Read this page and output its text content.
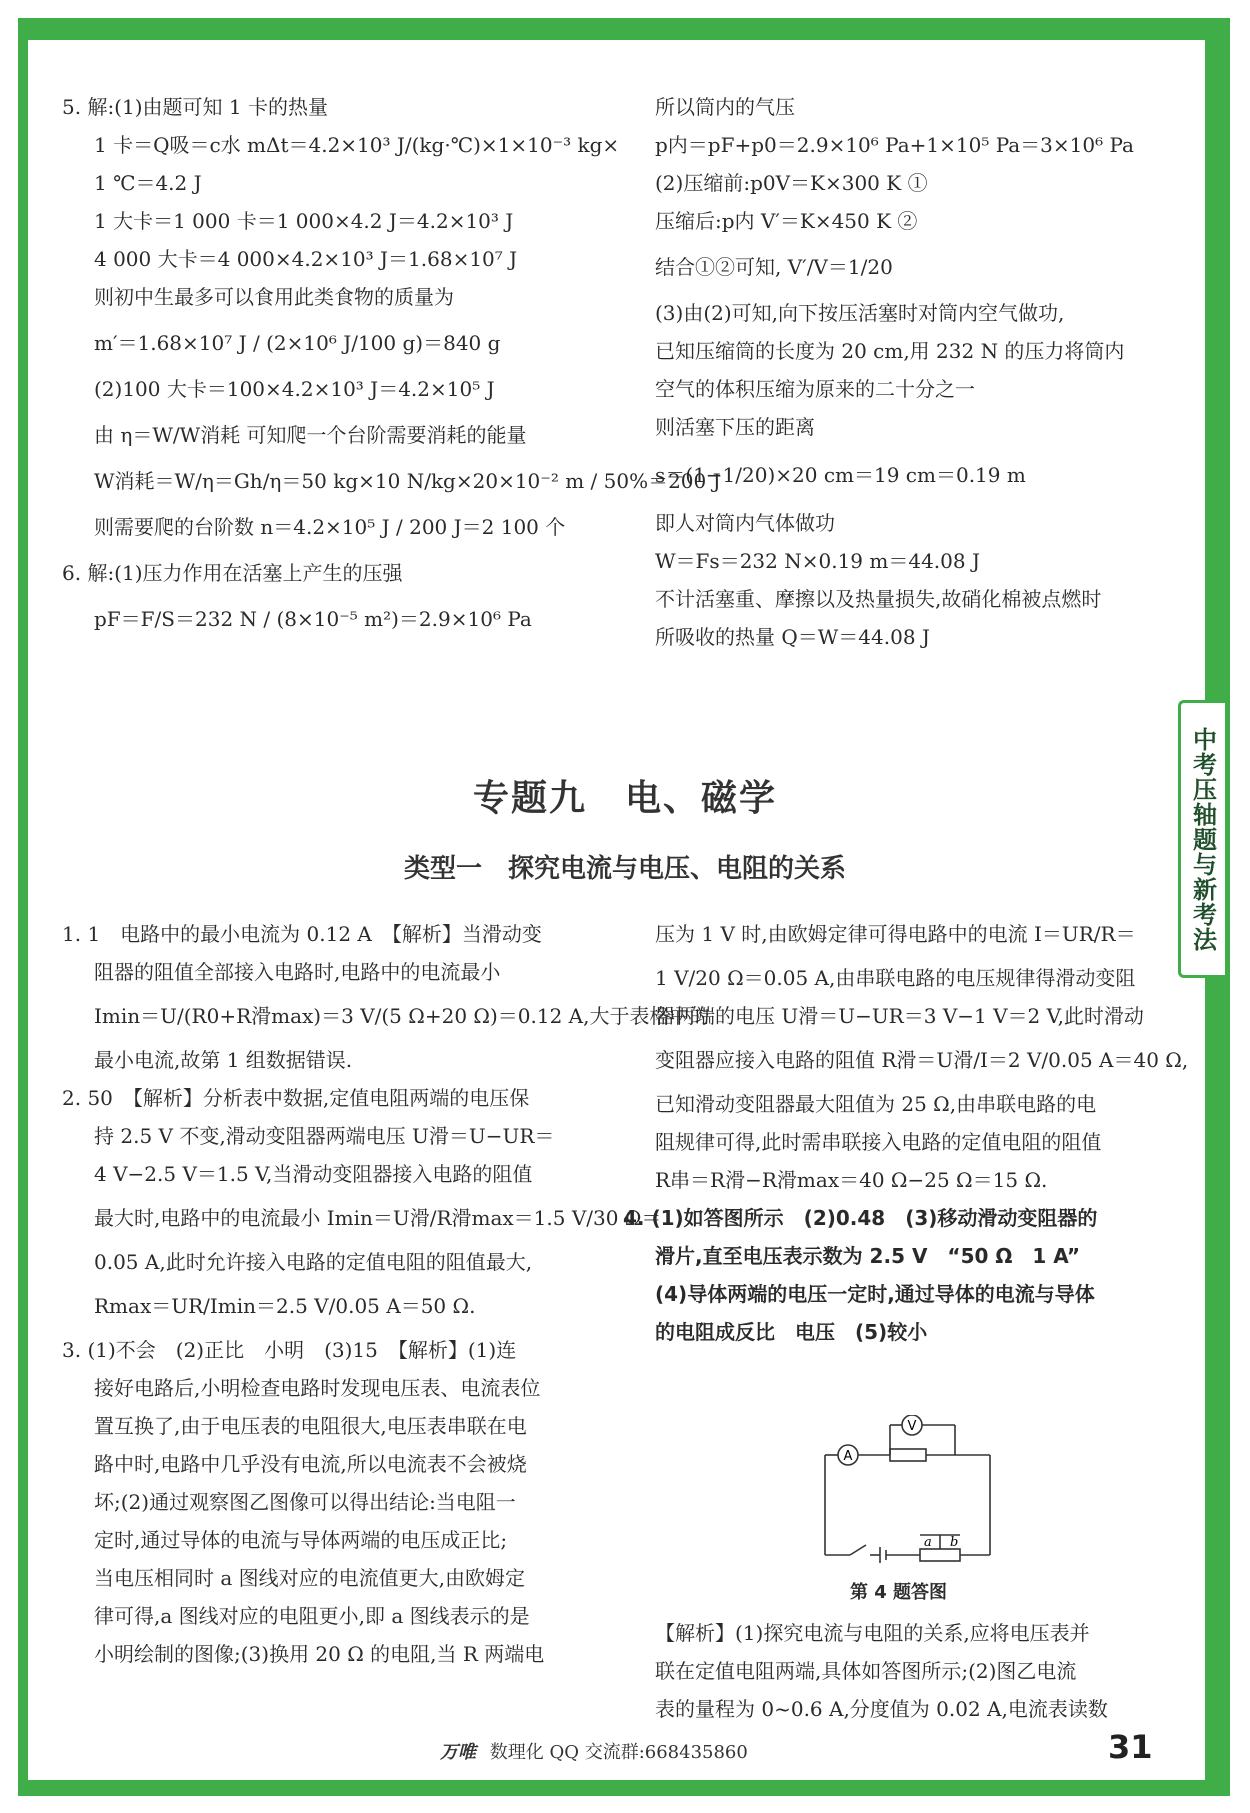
中考压轴题与新考法
5. 解:(1)由题可知 1 卡的热量
1 卡＝Q吸＝c水 mΔt＝4.2×10³ J/(kg·℃)×1×10⁻³ kg×
1 ℃＝4.2 J
1 大卡＝1 000 卡＝1 000×4.2 J＝4.2×10³ J
4 000 大卡＝4 000×4.2×10³ J＝1.68×10⁷ J
则初中生最多可以食用此类食物的质量为
m′＝1.68×10⁷ J / (2×10⁶ J/100 g)＝840 g
(2)100 大卡＝100×4.2×10³ J＝4.2×10⁵ J
由 η＝W/W消耗 可知爬一个台阶需要消耗的能量
W消耗＝W/η＝Gh/η＝50 kg×10 N/kg×20×10⁻² m / 50%＝200 J
则需要爬的台阶数 n＝4.2×10⁵ J / 200 J＝2 100 个
6. 解:(1)压力作用在活塞上产生的压强
pF＝F/S＝232 N / (8×10⁻⁵ m²)＝2.9×10⁶ Pa
所以筒内的气压
p内＝pF+p0＝2.9×10⁶ Pa+1×10⁵ Pa＝3×10⁶ Pa
(2)压缩前:p0V＝K×300 K ①
压缩后:p内 V′＝K×450 K ②
结合①②可知, V′/V＝1/20
(3)由(2)可知,向下按压活塞时对筒内空气做功,
已知压缩筒的长度为 20 cm,用 232 N 的压力将筒内
空气的体积压缩为原来的二十分之一
则活塞下压的距离
s＝(1−1/20)×20 cm＝19 cm＝0.19 m
即人对筒内气体做功
W＝Fs＝232 N×0.19 m＝44.08 J
不计活塞重、摩擦以及热量损失,故硝化棉被点燃时
所吸收的热量 Q＝W＝44.08 J
专题九　电、磁学
类型一　探究电流与电压、电阻的关系
1. 1　电路中的最小电流为 0.12 A　【解析】当滑动变
阻器的阻值全部接入电路时,电路中的电流最小
Imin＝U/(R0+R滑max)＝3 V/(5 Ω+20 Ω)＝0.12 A,大于表格中的
最小电流,故第 1 组数据错误.
2. 50　【解析】分析表中数据,定值电阻两端的电压保
持 2.5 V 不变,滑动变阻器两端电压 U滑＝U−UR＝
4 V−2.5 V＝1.5 V,当滑动变阻器接入电路的阻值
最大时,电路中的电流最小 Imin＝U滑/R滑max＝1.5 V/30 Ω＝
0.05 A,此时允许接入电路的定值电阻的阻值最大,
Rmax＝UR/Imin＝2.5 V/0.05 A＝50 Ω.
3. (1)不会　(2)正比　小明　(3)15　【解析】(1)连
接好电路后,小明检查电路时发现电压表、电流表位
置互换了,由于电压表的电阻很大,电压表串联在电
路中时,电路中几乎没有电流,所以电流表不会被烧
坏;(2)通过观察图乙图像可以得出结论:当电阻一
定时,通过导体的电流与导体两端的电压成正比;
当电压相同时 a 图线对应的电流值更大,由欧姆定
律可得,a 图线对应的电阻更小,即 a 图线表示的是
小明绘制的图像;(3)换用 20 Ω 的电阻,当 R 两端电
压为 1 V 时,由欧姆定律可得电路中的电流 I＝UR/R＝
1 V/20 Ω＝0.05 A,由串联电路的电压规律得滑动变阻
器两端的电压 U滑＝U−UR＝3 V−1 V＝2 V,此时滑动
变阻器应接入电路的阻值 R滑＝U滑/I＝2 V/0.05 A＝40 Ω,
已知滑动变阻器最大阻值为 25 Ω,由串联电路的电
阻规律可得,此时需串联接入电路的定值电阻的阻值
R串＝R滑−R滑max＝40 Ω−25 Ω＝15 Ω.
4. (1)如答图所示　(2)0.48　(3)移动滑动变阻器的
滑片,直至电压表示数为 2.5 V　“50 Ω　1 A”
(4)导体两端的电压一定时,通过导体的电流与导体
的电阻成反比　电压　(5)较小
A
V
a b
第 4 题答图
【解析】(1)探究电流与电阻的关系,应将电压表并
联在定值电阻两端,具体如答图所示;(2)图乙电流
表的量程为 0~0.6 A,分度值为 0.02 A,电流表读数
万唯 数理化 QQ 交流群:668435860	31
